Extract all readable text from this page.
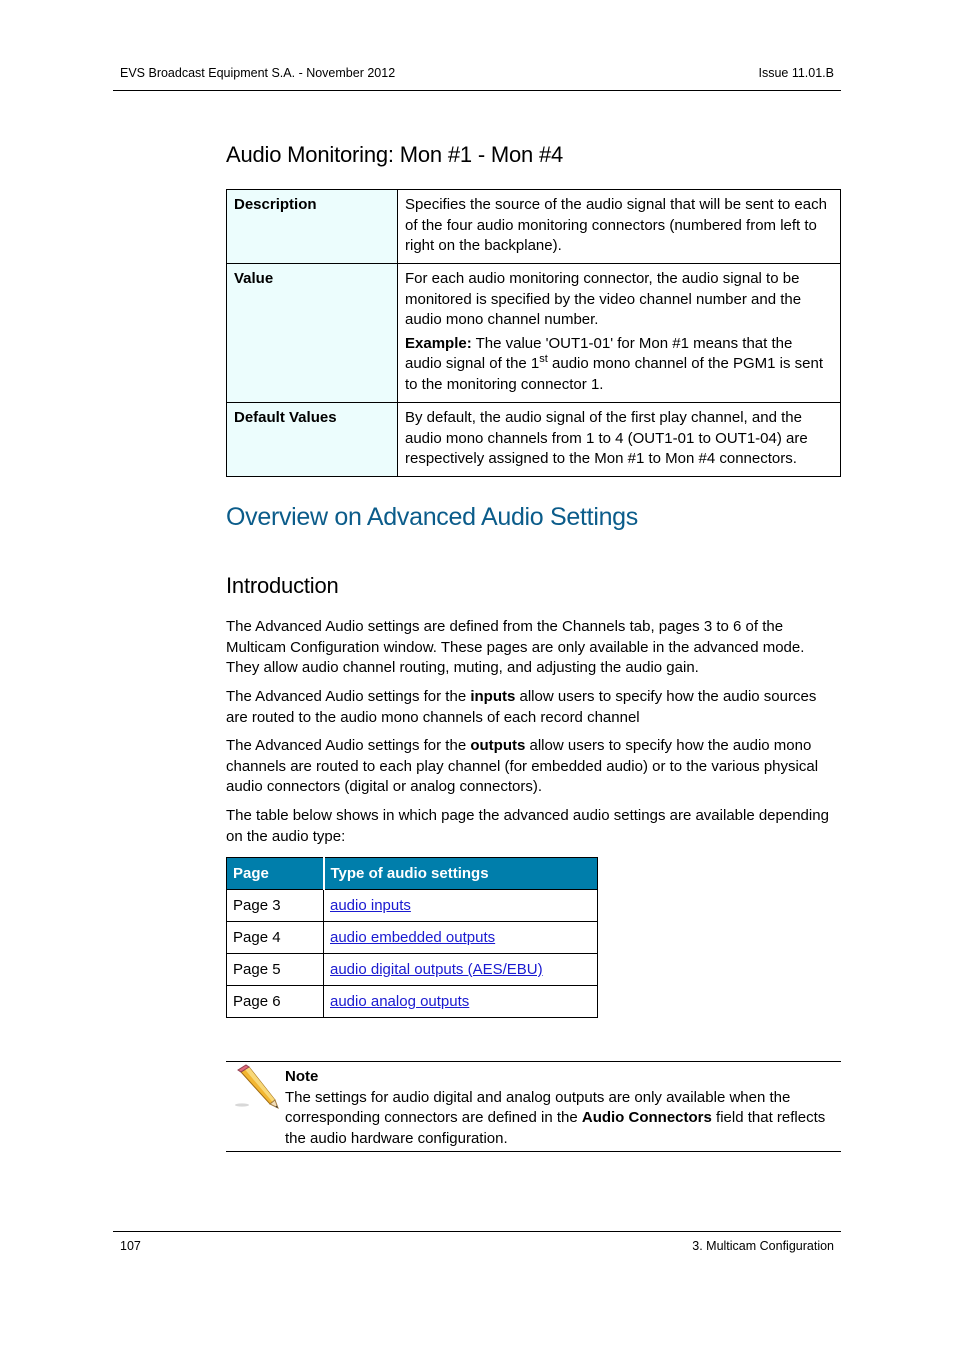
EVS Broadcast Equipment S.A. - November 2012	Issue 11.01.B
Audio Monitoring: Mon #1 - Mon #4
Description	Specifies the source of the audio signal that will be sent to each of the four audio monitoring connectors (numbered from left to right on the backplane).
Value	For each audio monitoring connector, the audio signal to be monitored is specified by the video channel number and the audio mono channel number.

Example: The value 'OUT1-01' for Mon #1 means that the audio signal of the 1st audio mono channel of the PGM1 is sent to the monitoring connector 1.

Default Values	By default, the audio signal of the first play channel, and the audio mono channels from 1 to 4 (OUT1-01 to OUT1-04) are respectively assigned to the Mon #1 to Mon #4 connectors.
Overview on Advanced Audio Settings
Introduction

The Advanced Audio settings are defined from the Channels tab, pages 3 to 6 of the Multicam Configuration window. These pages are only available in the advanced mode. They allow audio channel routing, muting, and adjusting the audio gain.

The Advanced Audio settings for the inputs allow users to specify how the audio sources are routed to the audio mono channels of each record channel

The Advanced Audio settings for the outputs allow users to specify how the audio mono channels are routed to each play channel (for embedded audio) or to the various physical audio connectors (digital or analog connectors).

The table below shows in which page the advanced audio settings are available depending on the audio type:

Page	Type of audio settings
Page 3	audio inputs
Page 4	audio embedded outputs
Page 5	audio digital outputs (AES/EBU)
Page 6	audio analog outputs
Note
The settings for audio digital and analog outputs are only available when the corresponding connectors are defined in the Audio Connectors field that reflects the audio hardware configuration.
107	3. Multicam Configuration
